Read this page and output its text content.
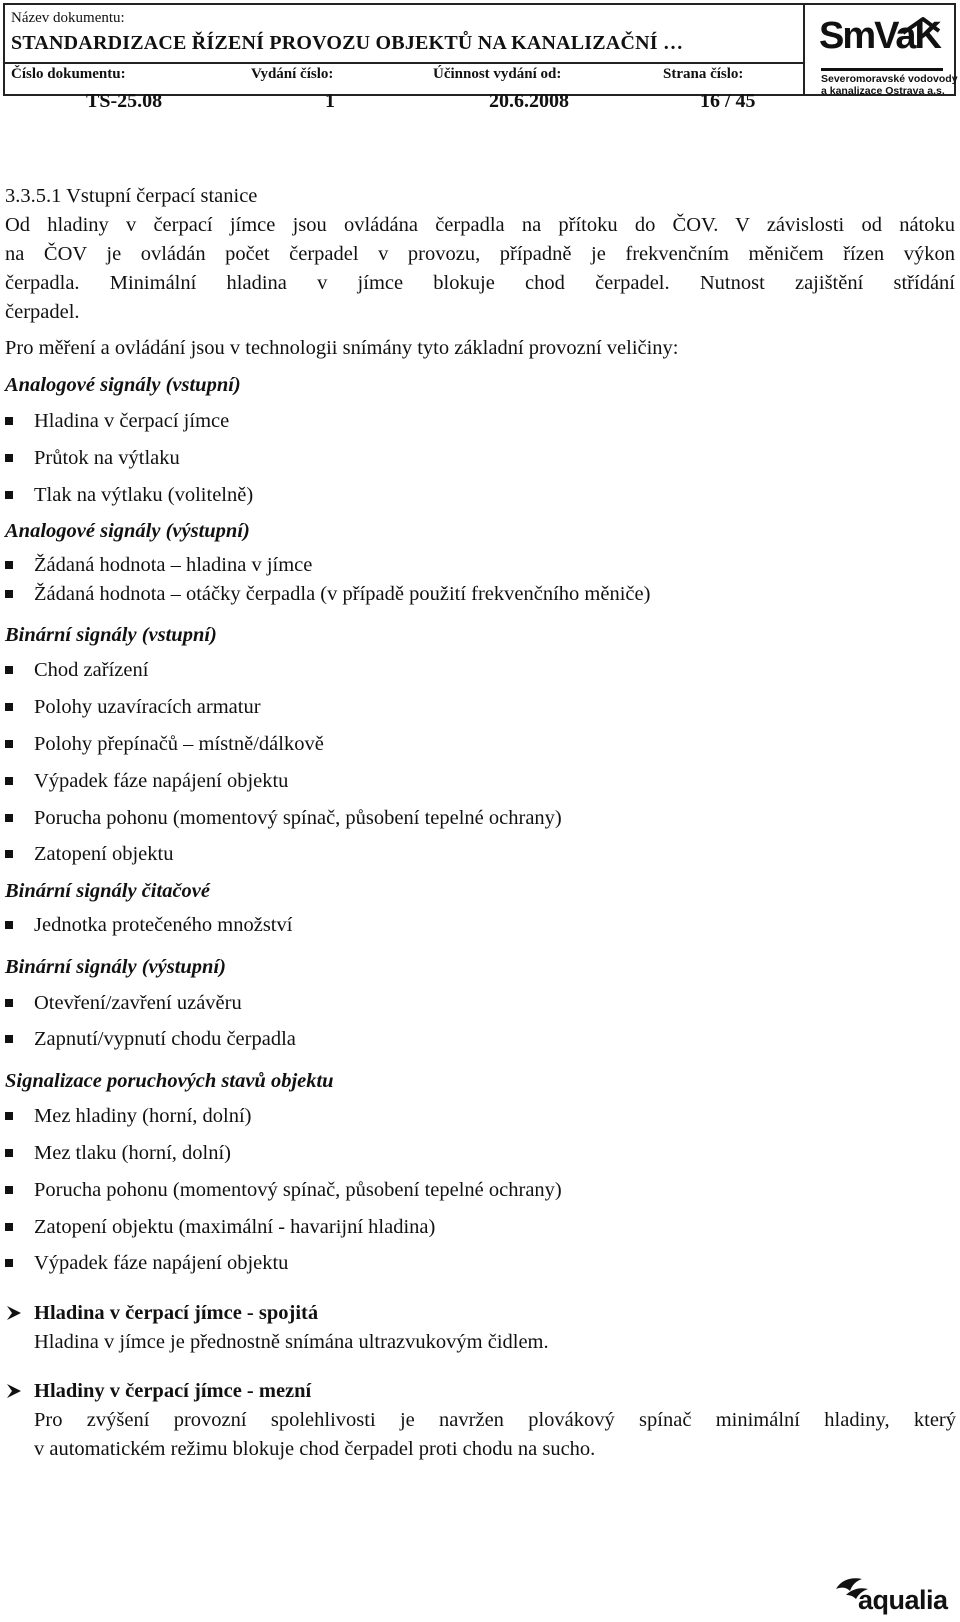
Název dokumentu:
STANDARDIZACE ŘÍZENÍ PROVOZU OBJEKTŮ NA KANALIZAČNÍ …
Číslo dokumentu:	Vydání číslo:	Účinnost vydání od:	Strana číslo:
SmVaK
Severomoravské vodovody
a kanalizace Ostrava a.s.
TS-25.08	1	20.6.2008	16 / 45
3.3.5.1 Vstupní čerpací stanice
Od hladiny v čerpací jímce jsou ovládána čerpadla na přítoku do ČOV. V závislosti od nátoku
na ČOV je ovládán počet čerpadel v provozu, případně je frekvenčním měničem řízen výkon
čerpadla. Minimální hladina v jímce blokuje chod čerpadel. Nutnost zajištění střídání
čerpadel.
Pro měření a ovládání jsou v technologii snímány tyto základní provozní veličiny:
Analogové signály (vstupní)
Hladina v čerpací jímce
Průtok na výtlaku
Tlak na výtlaku (volitelně)
Analogové signály (výstupní)
Žádaná hodnota – hladina v jímce
Žádaná hodnota – otáčky čerpadla (v případě použití frekvenčního měniče)
Binární signály (vstupní)
Chod zařízení
Polohy uzavíracích armatur
Polohy přepínačů – místně/dálkově
Výpadek fáze napájení objektu
Porucha pohonu (momentový spínač, působení tepelné ochrany)
Zatopení objektu
Binární signály čitačové
Jednotka protečeného množství
Binární signály (výstupní)
Otevření/zavření uzávěru
Zapnutí/vypnutí chodu čerpadla
Signalizace poruchových stavů objektu
Mez hladiny (horní, dolní)
Mez tlaku (horní, dolní)
Porucha pohonu (momentový spínač, působení tepelné ochrany)
Zatopení objektu (maximální - havarijní hladina)
Výpadek fáze napájení objektu
Hladina v čerpací jímce - spojitá
Hladina v jímce je přednostně snímána ultrazvukovým čidlem.
Hladiny v čerpací jímce - mezní
Pro zvýšení provozní spolehlivosti je navržen plovákový spínač minimální hladiny, který
v automatickém režimu blokuje chod čerpadel proti chodu na sucho.
aqualia
